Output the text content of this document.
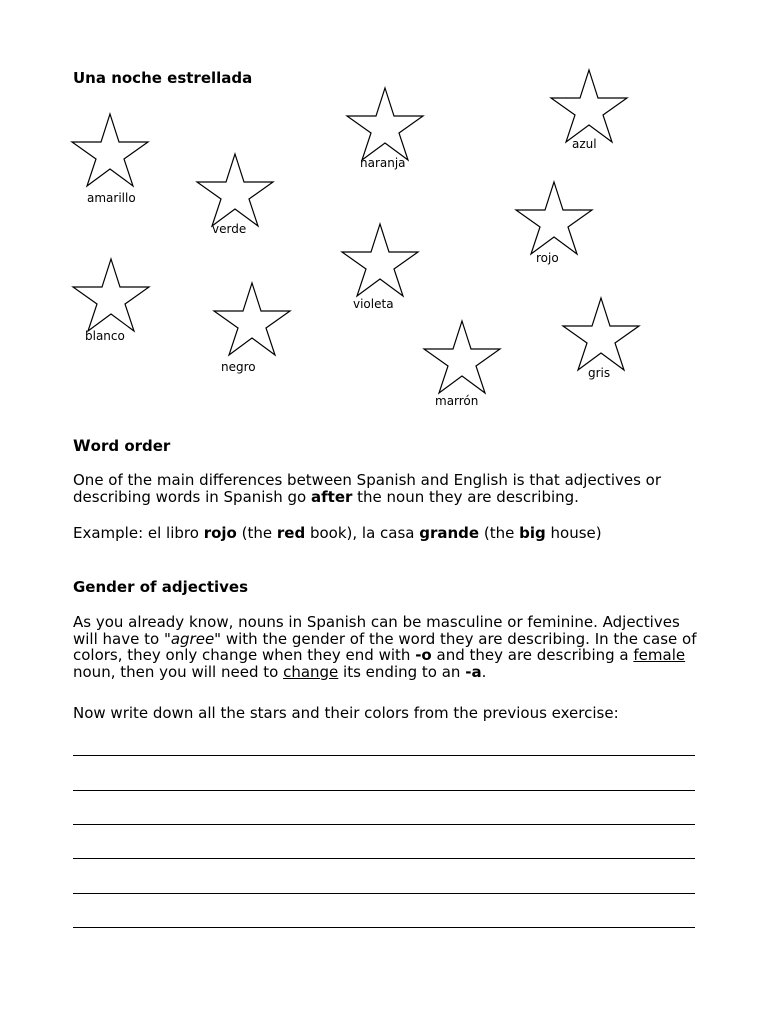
Una noche estrellada
amarillo
verde
naranja
azul
rojo
violeta
blanco
negro
marrón
gris
Word order
One of the main differences between Spanish and English is that adjectives or describing words in Spanish go after the noun they are describing.
Example: el libro rojo (the red book), la casa grande (the big house)
Gender of adjectives
As you already know, nouns in Spanish can be masculine or feminine. Adjectives will have to "agree" with the gender of the word they are describing. In the case of colors, they only change when they end with -o and they are describing a female noun, then you will need to change its ending to an -a.
Now write down all the stars and their colors from the previous exercise:
